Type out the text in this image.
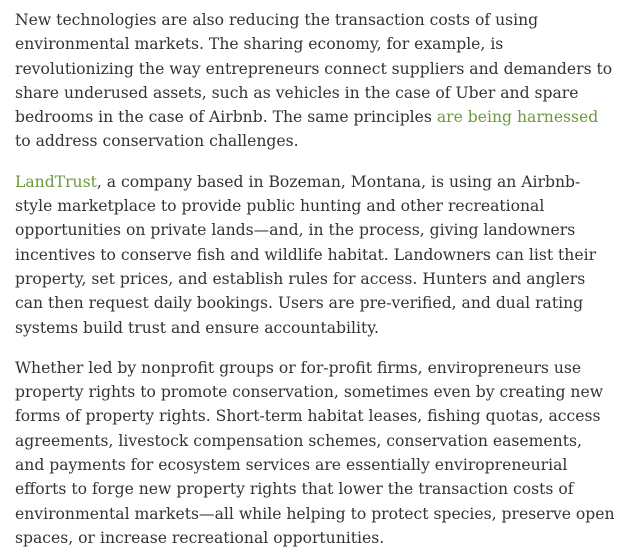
New technologies are also reducing the transaction costs of using environmental markets. The sharing economy, for example, is revolutionizing the way entrepreneurs connect suppliers and demanders to share underused assets, such as vehicles in the case of Uber and spare bedrooms in the case of Airbnb. The same principles are being harnessed to address conservation challenges.

LandTrust, a company based in Bozeman, Montana, is using an Airbnb-style marketplace to provide public hunting and other recreational opportunities on private lands—and, in the process, giving landowners incentives to conserve fish and wildlife habitat. Landowners can list their property, set prices, and establish rules for access. Hunters and anglers can then request daily bookings. Users are pre-verified, and dual rating systems build trust and ensure accountability.

Whether led by nonprofit groups or for-profit firms, enviropreneurs use property rights to promote conservation, sometimes even by creating new forms of property rights. Short-term habitat leases, fishing quotas, access agreements, livestock compensation schemes, conservation easements, and payments for ecosystem services are essentially enviropreneurial efforts to forge new property rights that lower the transaction costs of environmental markets—all while helping to protect species, preserve open spaces, or increase recreational opportunities.
